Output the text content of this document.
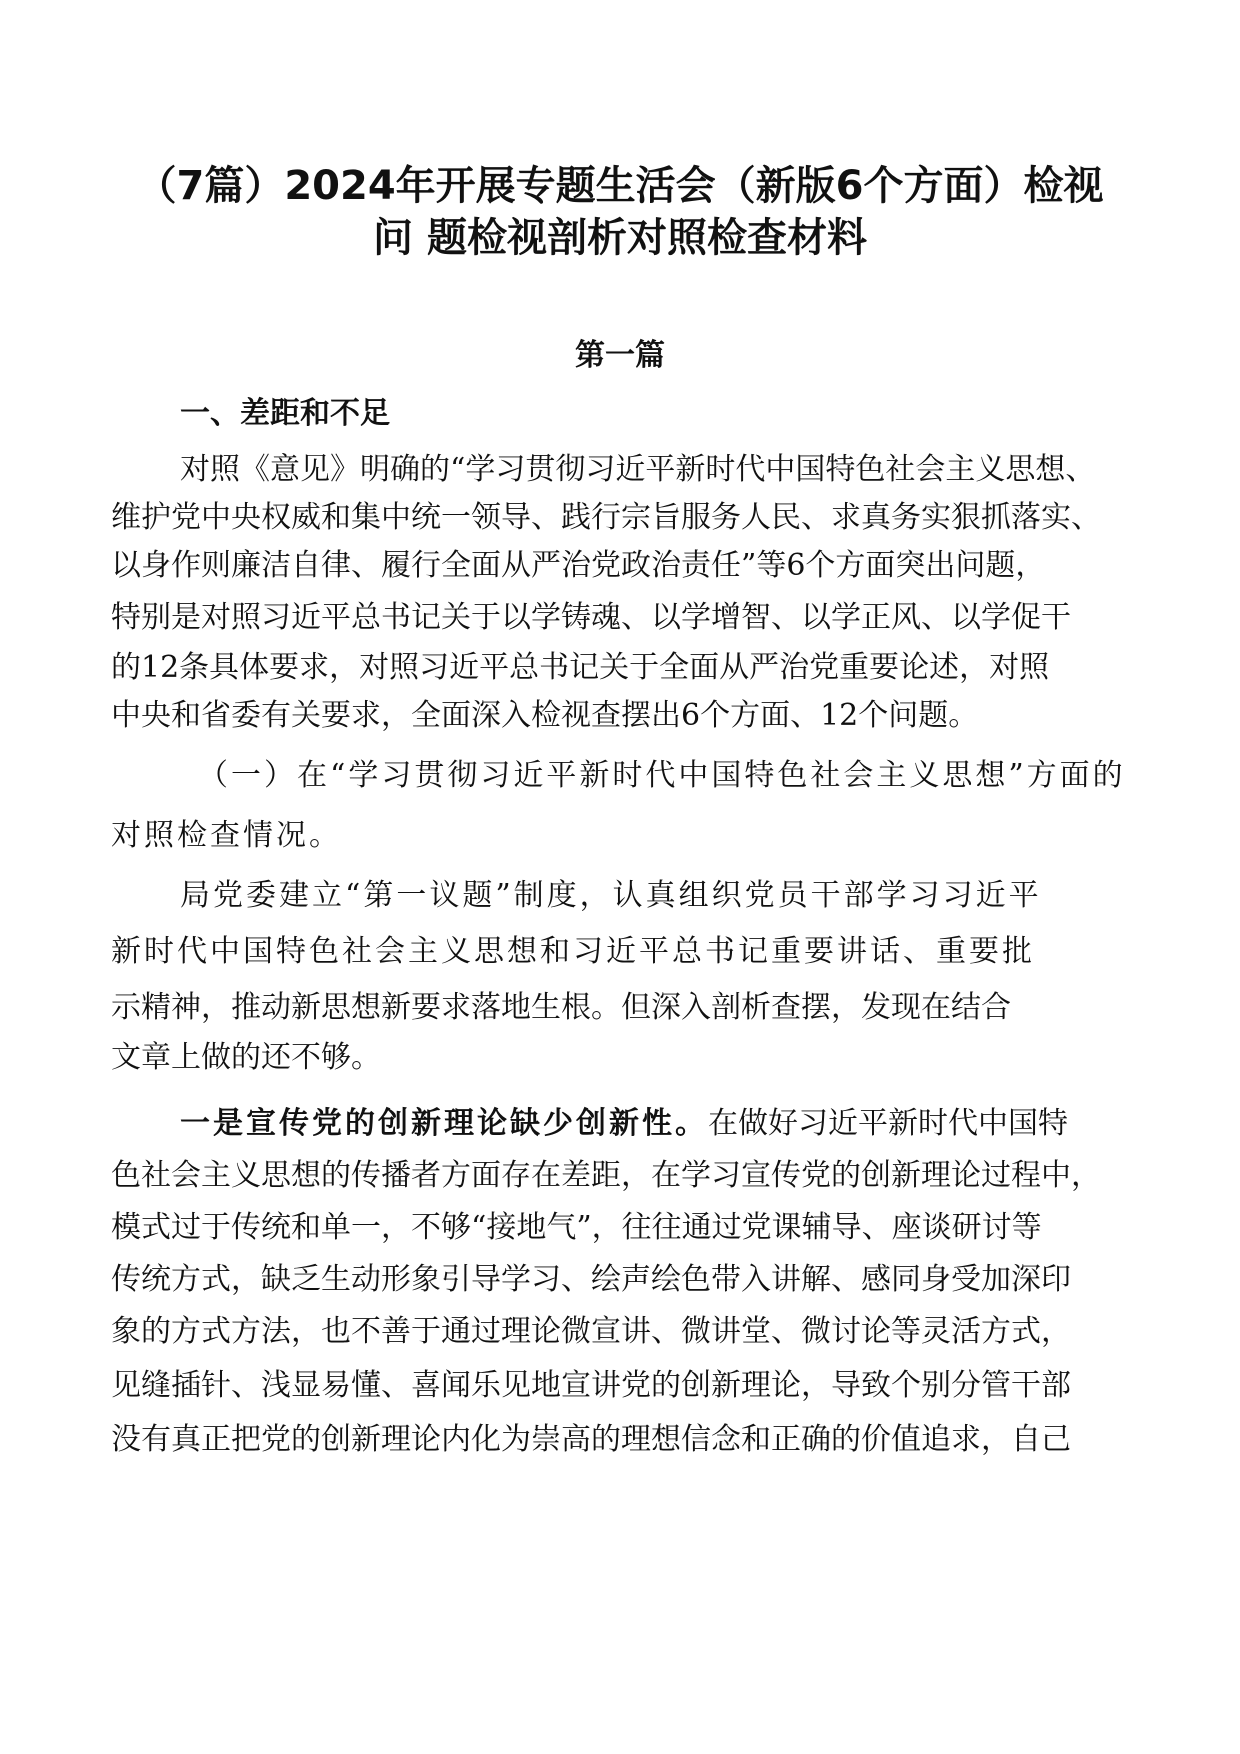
（7篇）2024年开展专题生活会（新版6个方面）检视
问 题检视剖析对照检查材料
第一篇
一、差距和不足

对照《意见》明确的“学习贯彻习近平新时代中国特色社会主义思想、

维护党中央权威和集中统一领导、践行宗旨服务人民、求真务实狠抓落实、

以身作则廉洁自律、履行全面从严治党政治责任”等6个方面突出问题，

特别是对照习近平总书记关于以学铸魂、以学增智、以学正风、以学促干

的12条具体要求，对照习近平总书记关于全面从严治党重要论述，对照

中央和省委有关要求，全面深入检视查摆出6个方面、12个问题。

（一）在“学习贯彻习近平新时代中国特色社会主义思想”方面的

对照检查情况。

局党委建立“第一议题”制度，认真组织党员干部学习习近平

新时代中国特色社会主义思想和习近平总书记重要讲话、重要批

示精神，推动新思想新要求落地生根。但深入剖析查摆，发现在结合

文章上做的还不够。

一是宣传党的创新理论缺少创新性。在做好习近平新时代中国特

色社会主义思想的传播者方面存在差距，在学习宣传党的创新理论过程中，

模式过于传统和单一，不够“接地气”，往往通过党课辅导、座谈研讨等

传统方式，缺乏生动形象引导学习、绘声绘色带入讲解、感同身受加深印

象的方式方法，也不善于通过理论微宣讲、微讲堂、微讨论等灵活方式，

见缝插针、浅显易懂、喜闻乐见地宣讲党的创新理论，导致个别分管干部

没有真正把党的创新理论内化为崇高的理想信念和正确的价值追求，自己
